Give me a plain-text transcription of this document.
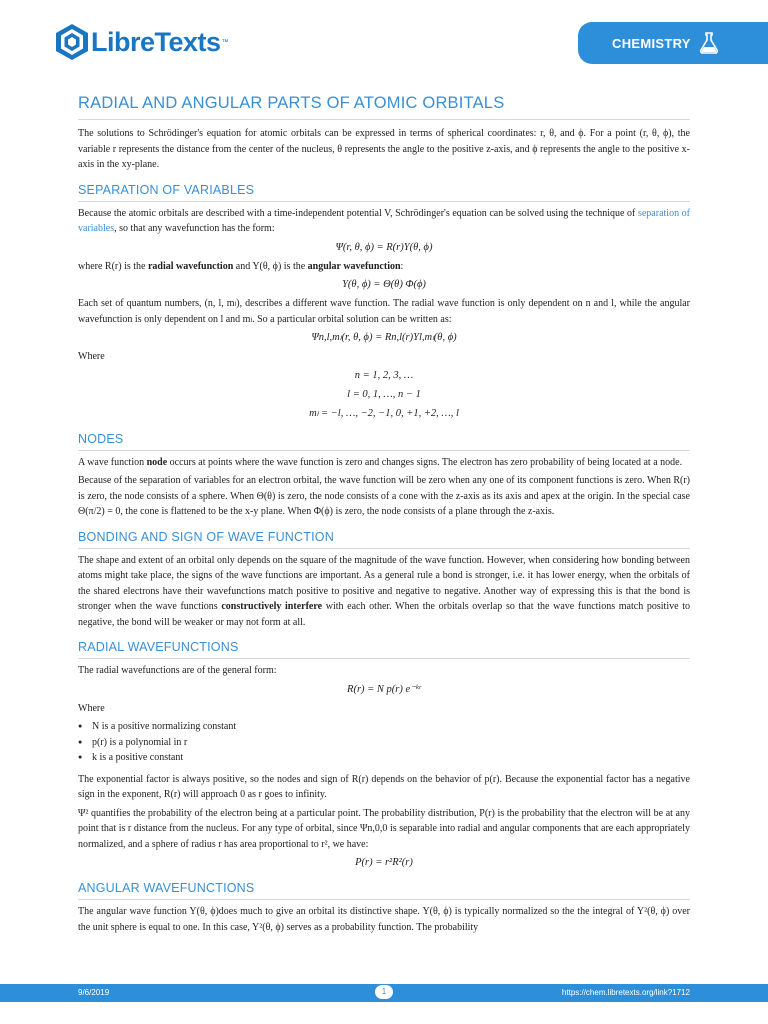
LibreTexts ™	CHEMISTRY
RADIAL AND ANGULAR PARTS OF ATOMIC ORBITALS

The solutions to Schrödinger's equation for atomic orbitals can be expressed in terms of spherical coordinates: r, θ, and ϕ. For a point (r, θ, ϕ), the variable r represents the distance from the center of the nucleus, θ represents the angle to the positive z-axis, and ϕ represents the angle to the positive x-axis in the xy-plane.

SEPARATION OF VARIABLES

Because the atomic orbitals are described with a time-independent potential V, Schrödinger's equation can be solved using the technique of separation of variables, so that any wavefunction has the form:

Ψ(r, θ, ϕ) = R(r)Y(θ, ϕ)

where R(r) is the radial wavefunction and Y(θ, ϕ) is the angular wavefunction:

Y(θ, ϕ) = Θ(θ) Φ(ϕ)

Each set of quantum numbers, (n, l, mₗ), describes a different wave function. The radial wave function is only dependent on n and l, while the angular wavefunction is only dependent on l and mₗ. So a particular orbital solution can be written as:

Ψn,l,mₗ(r, θ, ϕ) = Rn,l(r)Yl,mₗ(θ, ϕ)

Where

n = 1, 2, 3, …
l = 0, 1, …, n − 1
mₗ = −l, …, −2, −1, 0, +1, +2, …, l
NODES

A wave function node occurs at points where the wave function is zero and changes signs. The electron has zero probability of being located at a node.

Because of the separation of variables for an electron orbital, the wave function will be zero when any one of its component functions is zero. When R(r) is zero, the node consists of a sphere. When Θ(θ) is zero, the node consists of a cone with the z-axis as its axis and apex at the origin. In the special case Θ(π/2) = 0, the cone is flattened to be the x-y plane. When Φ(ϕ) is zero, the node consists of a plane through the z-axis.

BONDING AND SIGN OF WAVE FUNCTION

The shape and extent of an orbital only depends on the square of the magnitude of the wave function. However, when considering how bonding between atoms might take place, the signs of the wave functions are important. As a general rule a bond is stronger, i.e. it has lower energy, when the orbitals of the shared electrons have their wavefunctions match positive to positive and negative to negative. Another way of expressing this is that the bond is stronger when the wave functions constructively interfere with each other. When the orbitals overlap so that the wave functions match positive to negative, the bond will be weaker or may not form at all.

RADIAL WAVEFUNCTIONS

The radial wavefunctions are of the general form:

R(r) = N p(r) e⁻ᵏʳ

Where

● N is a positive normalizing constant
● p(r) is a polynomial in r
● k is a positive constant

The exponential factor is always positive, so the nodes and sign of R(r) depends on the behavior of p(r). Because the exponential factor has a negative sign in the exponent, R(r) will approach 0 as r goes to infinity.

Ψ² quantifies the probability of the electron being at a particular point. The probability distribution, P(r) is the probability that the electron will be at any point that is r distance from the nucleus. For any type of orbital, since Ψn,0,0 is separable into radial and angular components that are each appropriately normalized, and a sphere of radius r has area proportional to r², we have:

P(r) = r²R²(r)
ANGULAR WAVEFUNCTIONS

The angular wave function Y(θ, ϕ)does much to give an orbital its distinctive shape. Y(θ, ϕ) is typically normalized so the the integral of Y²(θ, ϕ) over the unit sphere is equal to one. In this case, Y²(θ, ϕ) serves as a probability function. The probability

9/6/2019	1	https://chem.libretexts.org/link?1712
